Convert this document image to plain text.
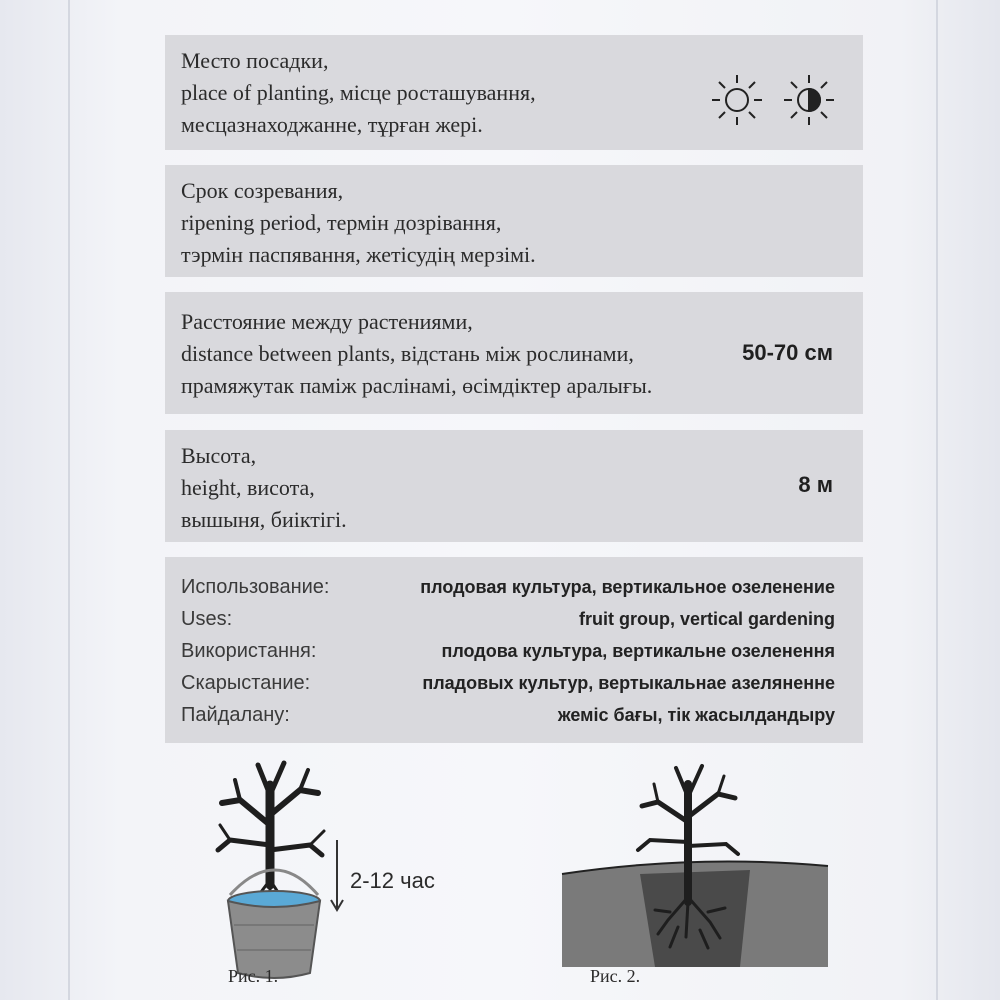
Место посадки,
place of planting, місце росташування,
месцазнаходжанне, тұрған жері.
Срок созревания,
ripening period, термін дозрівання,
тэрмін паспявання, жетісудің мерзімі.
Расстояние между растениями,
distance between plants, відстань між рослинами,
прамяжутак паміж раслінамі, өсімдіктер аралығы.
50-70 см
Высота,
height, висота,
вышыня, биіктігі.
8 м
Использование:	плодовая культура, вертикальное озеленение
Uses:	fruit group, vertical gardening
Використання:	плодова культура, вертикальне озеленення
Скарыстание:	пладовых культур, вертыкальнае азеляненне
Пайдалану:	жеміс бағы, тік жасылдандыру
2-12 час
Рис. 1.	Рис. 2.
